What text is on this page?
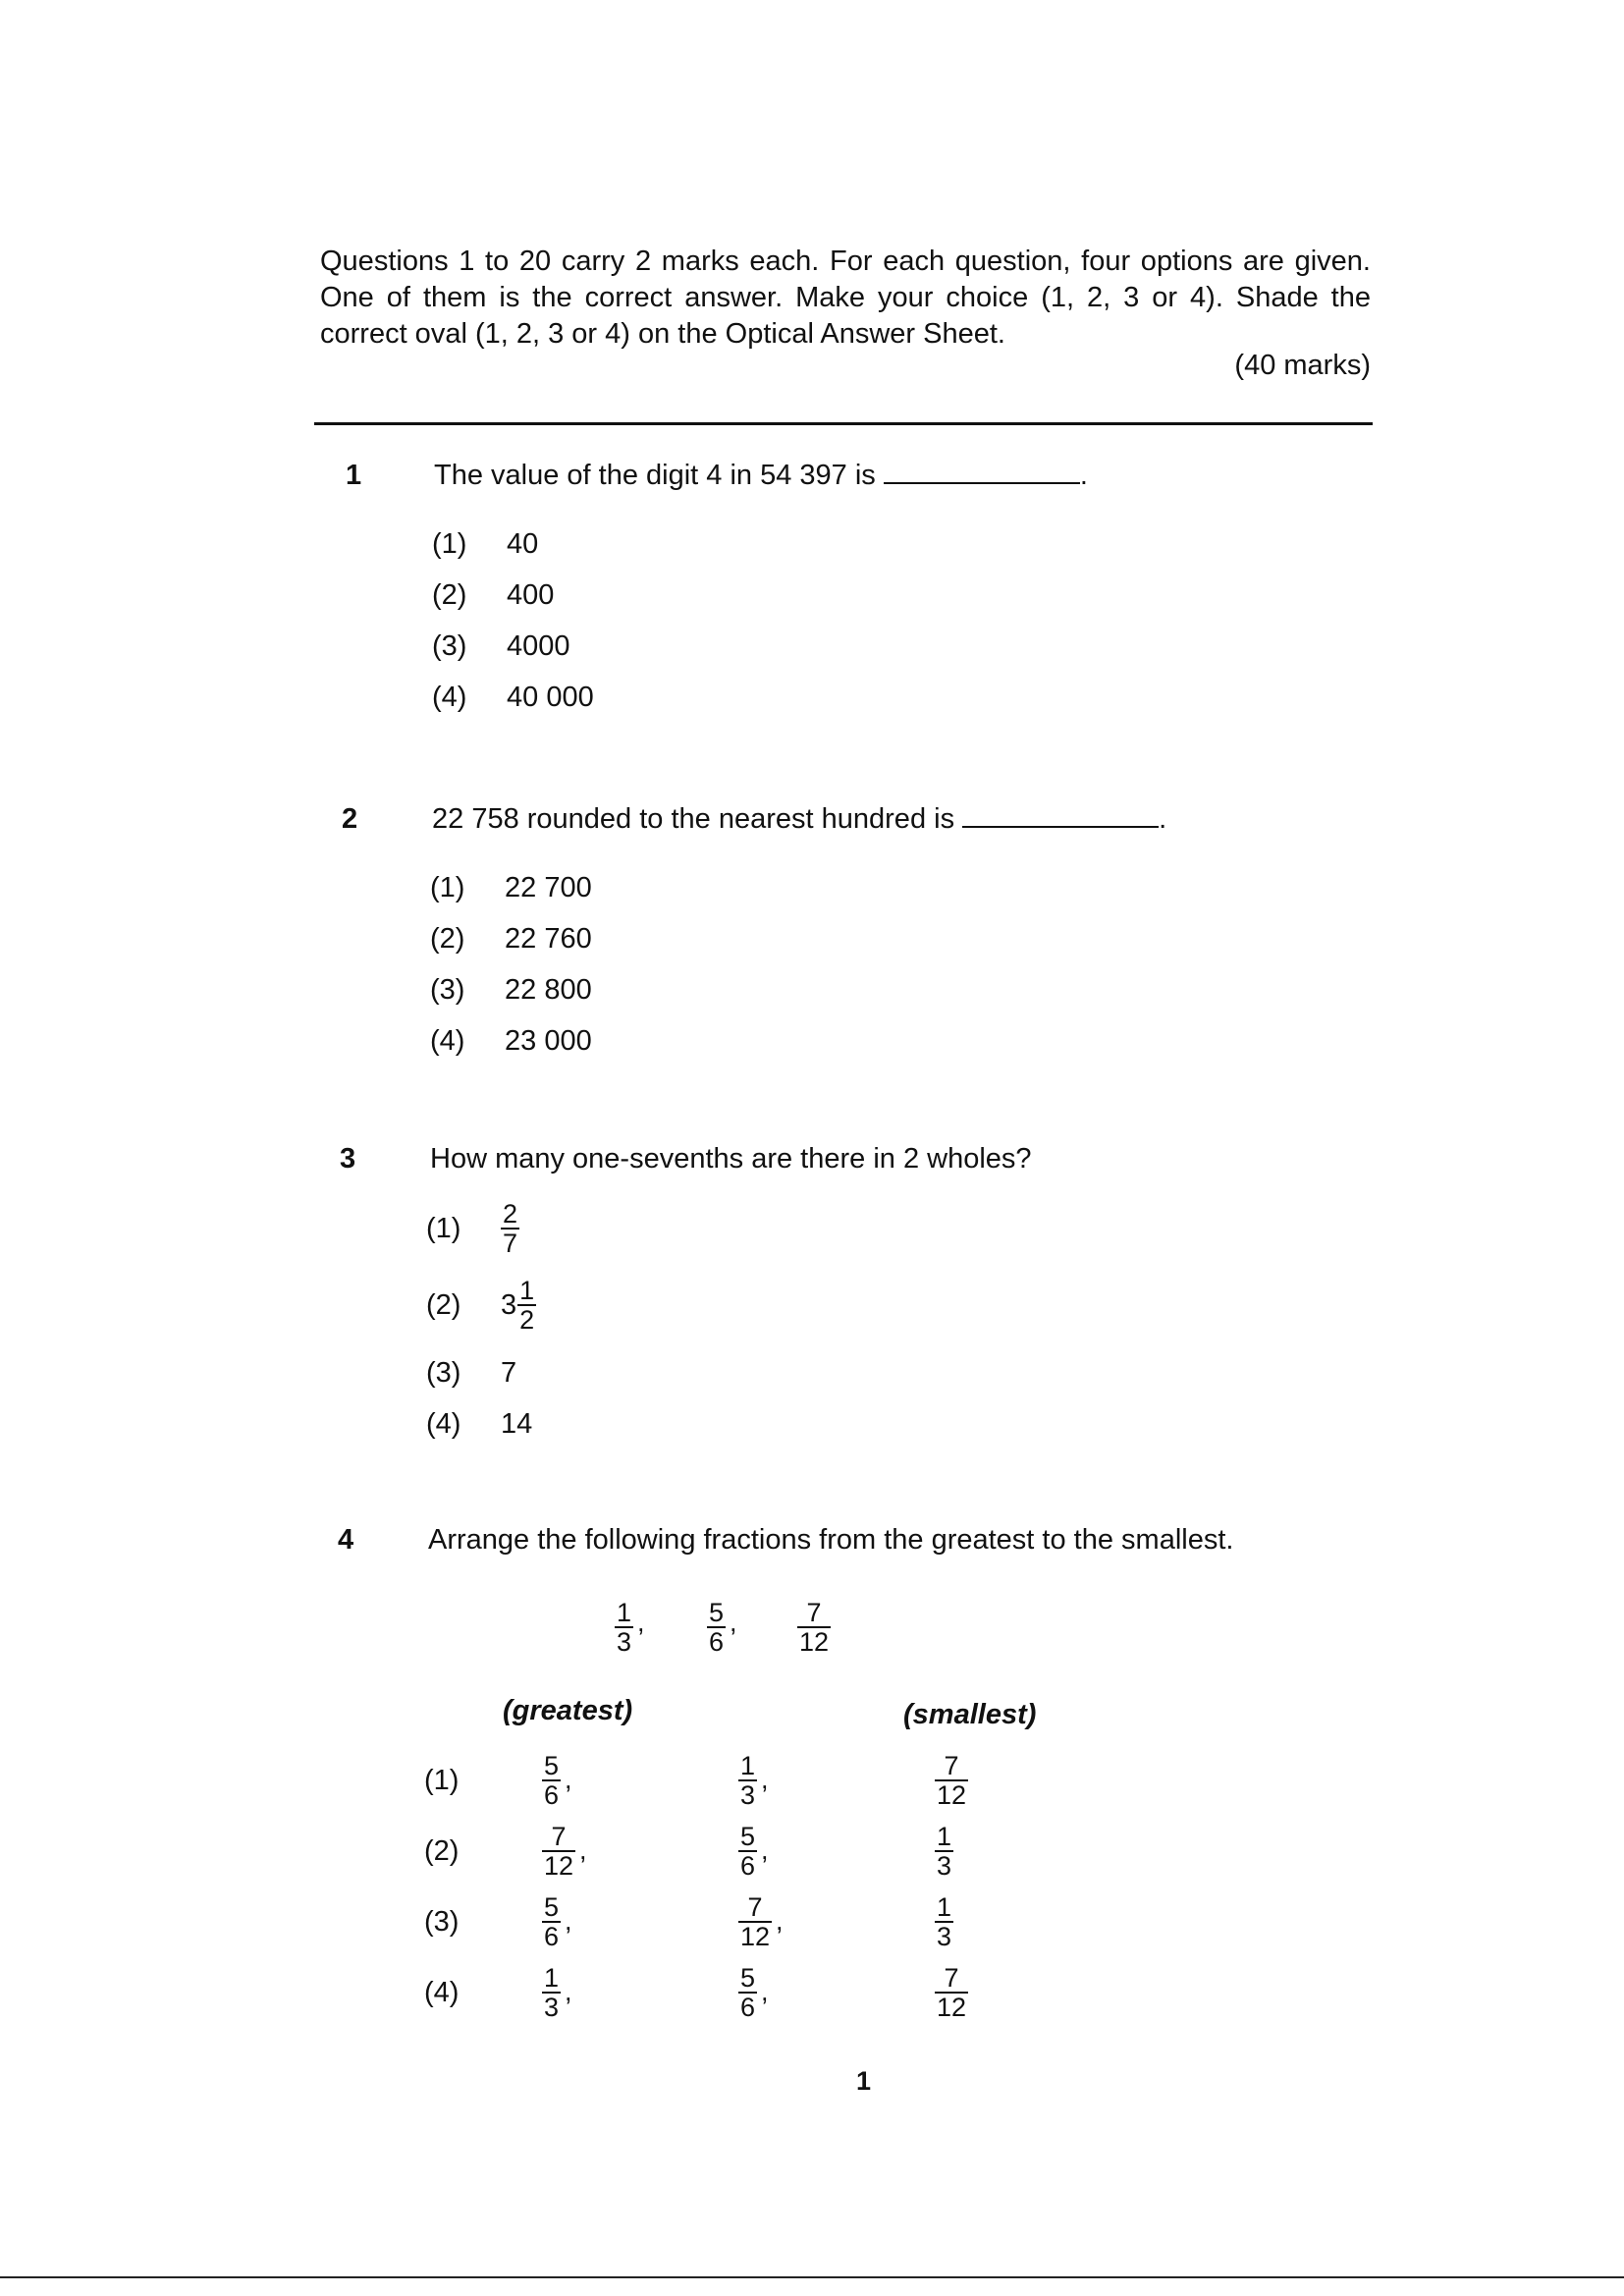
Questions 1 to 20 carry 2 marks each. For each question, four options are given. One of them is the correct answer. Make your choice (1, 2, 3 or 4). Shade the correct oval (1, 2, 3 or 4) on the Optical Answer Sheet.
(40 marks)
1	The value of the digit 4 in 54 397 is	.
(1) 40
(2) 400
(3) 4000
(4) 40 000
2	22 758 rounded to the nearest hundred is	.
(1) 22 700
(2) 22 760
(3) 22 800
(4) 23 000
3	How many one-sevenths are there in 2 wholes?
(1)	$\frac{2}{7}$
(2)	$3 \frac{1}{2}$
(3) 7
(4) 14
4	Arrange the following fractions from the greatest to the smallest.
$\frac{1}{3}$ , $\frac{5}{6}$ , $\frac{7}{12}$
(greatest)	(smallest)
(1)	$\frac{5}{6}$ ,	$\frac{1}{3}$ ,	$\frac{7}{12}$
(2)	$\frac{7}{12}$ ,	$\frac{5}{6}$ ,	$\frac{1}{3}$
(3)	$\frac{5}{6}$ ,	$\frac{7}{12}$ ,	$\frac{1}{3}$
(4)	$\frac{1}{3}$ ,	$\frac{5}{6}$ ,	$\frac{7}{12}$
1
